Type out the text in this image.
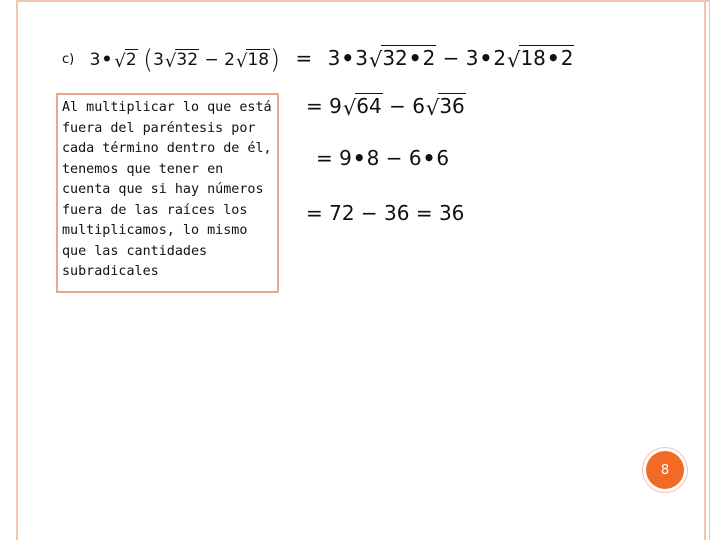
c) 3• √ 2 (3 √ 32 − 2 √ 18) = 3•3 √ 32•2 − 3•2 √ 18•2
Al multiplicar lo que está fuera del paréntesis por cada término dentro de él, tenemos que tener en cuenta que si hay números fuera de las raíces los multiplicamos, lo mismo que las cantidades subradicales
= 9 √ 64 − 6 √ 36
= 9•8 − 6•6
= 72 − 36 = 36
8
